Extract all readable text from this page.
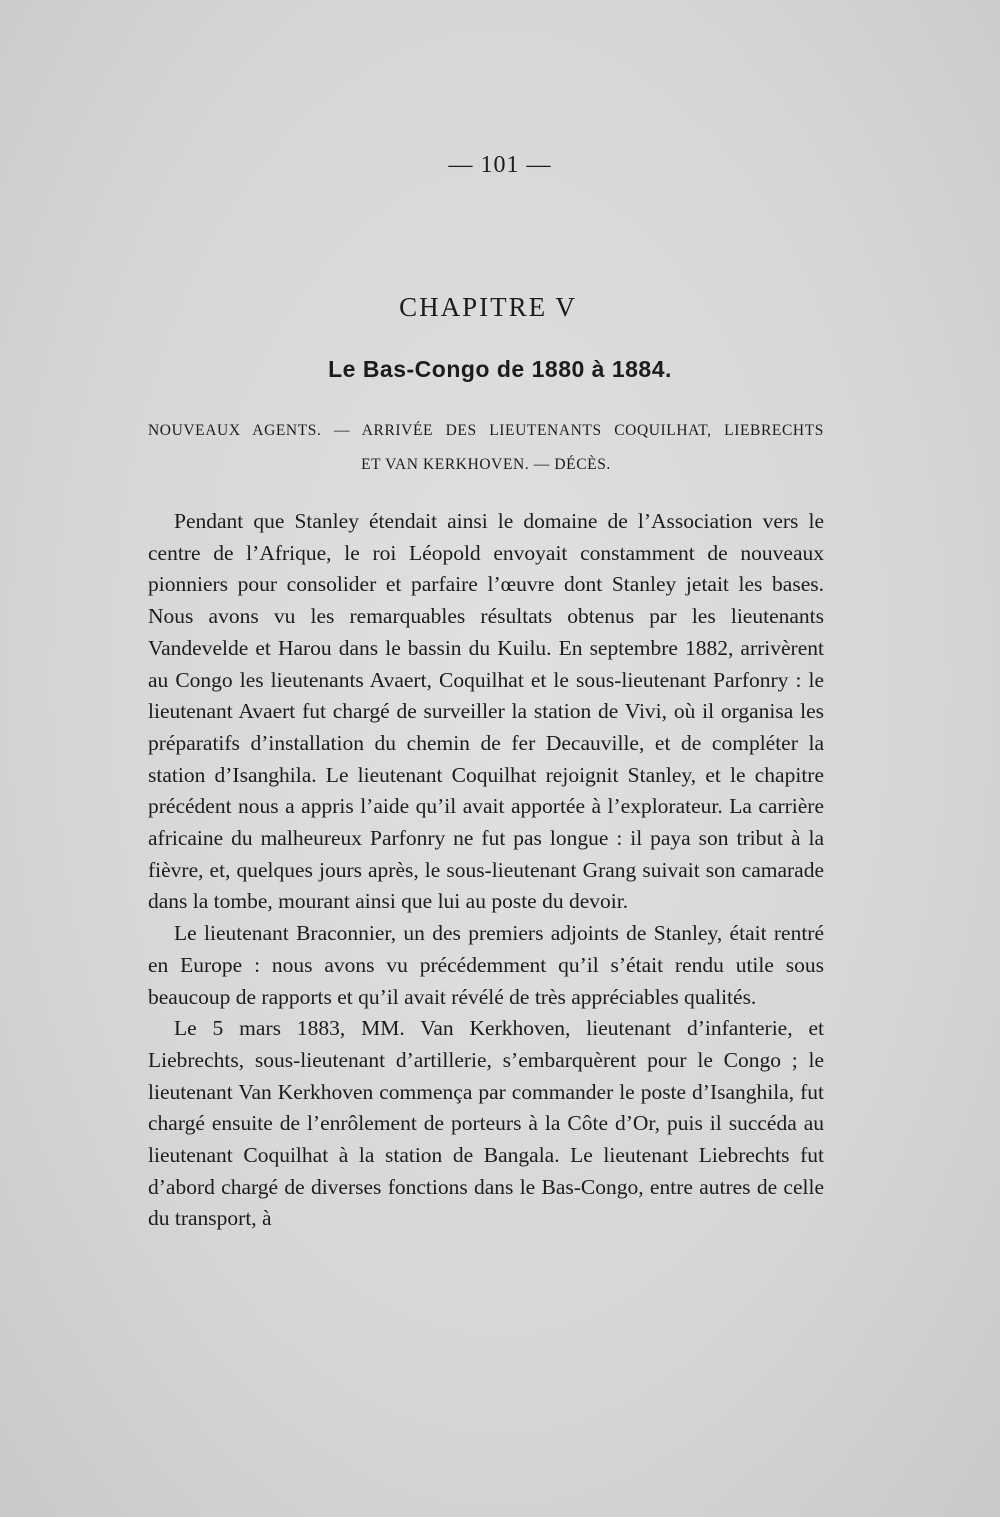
— 101 —
CHAPITRE V
Le Bas-Congo de 1880 à 1884.
NOUVEAUX AGENTS. — ARRIVÉE DES LIEUTENANTS COQUILHAT, LIEBRECHTS
ET VAN KERKHOVEN. — DÉCÈS.

Pendant que Stanley étendait ainsi le domaine de l’Association vers le centre de l’Afrique, le roi Léopold envoyait constamment de nouveaux pionniers pour consolider et parfaire l’œuvre dont Stanley jetait les bases. Nous avons vu les remarquables résultats obtenus par les lieutenants Vandevelde et Harou dans le bassin du Kuilu. En septembre 1882, arrivèrent au Congo les lieutenants Avaert, Coquilhat et le sous-lieutenant Parfonry : le lieutenant Avaert fut chargé de surveiller la station de Vivi, où il organisa les préparatifs d’installation du chemin de fer Decauville, et de compléter la station d’Isanghila. Le lieutenant Coquilhat rejoignit Stanley, et le chapitre précédent nous a appris l’aide qu’il avait apportée à l’explorateur. La carrière africaine du malheureux Parfonry ne fut pas longue : il paya son tribut à la fièvre, et, quelques jours après, le sous-lieutenant Grang suivait son camarade dans la tombe, mourant ainsi que lui au poste du devoir.

Le lieutenant Braconnier, un des premiers adjoints de Stanley, était rentré en Europe : nous avons vu précédemment qu’il s’était rendu utile sous beaucoup de rapports et qu’il avait révélé de très appréciables qualités.

Le 5 mars 1883, MM. Van Kerkhoven, lieutenant d’infanterie, et Liebrechts, sous-lieutenant d’artillerie, s’embarquèrent pour le Congo ; le lieutenant Van Kerkhoven commença par commander le poste d’Isanghila, fut chargé ensuite de l’enrôlement de porteurs à la Côte d’Or, puis il succéda au lieutenant Coquilhat à la station de Bangala. Le lieutenant Liebrechts fut d’abord chargé de diverses fonctions dans le Bas-Congo, entre autres de celle du transport, à
